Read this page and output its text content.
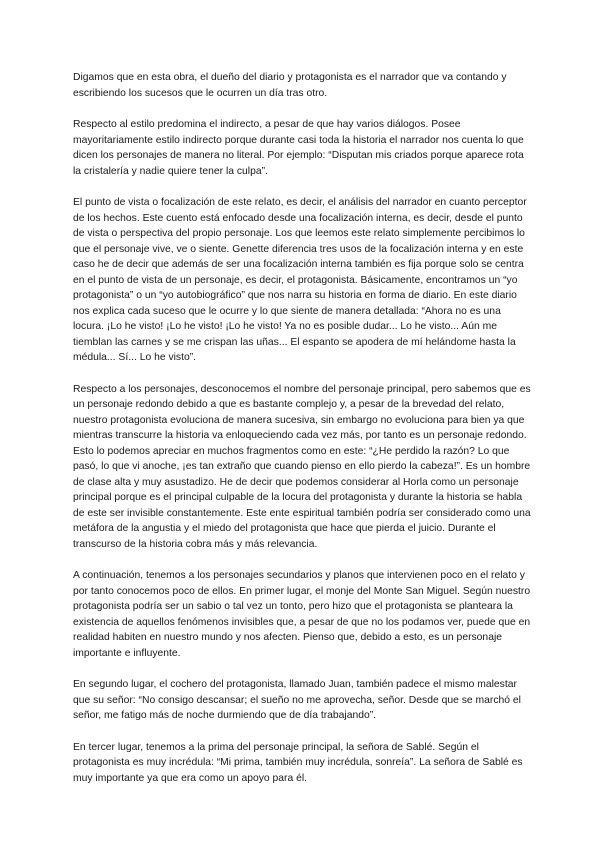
Digamos que en esta obra, el dueño del diario y protagonista es el narrador que va contando y escribiendo los sucesos que le ocurren un día tras otro.

Respecto al estilo predomina el indirecto, a pesar de que hay varios diálogos. Posee mayoritariamente estilo indirecto porque durante casi toda la historia el narrador nos cuenta lo que dicen los personajes de manera no literal. Por ejemplo: “Disputan mis criados porque aparece rota la cristalería y nadie quiere tener la culpa”.

El punto de vista o focalización de este relato, es decir, el análisis del narrador en cuanto perceptor de los hechos. Este cuento está enfocado desde una focalización interna, es decir, desde el punto de vista o perspectiva del propio personaje. Los que leemos este relato simplemente percibimos lo que el personaje vive, ve o siente. Genette diferencia tres usos de la focalización interna y en este caso he de decir que además de ser una focalización interna también es fija porque solo se centra en el punto de vista de un personaje, es decir, el protagonista. Básicamente, encontramos un “yo protagonista” o un “yo autobiográfico” que nos narra su historia en forma de diario. En este diario nos explica cada suceso que le ocurre y lo que siente de manera detallada: “Ahora no es una locura. ¡Lo he visto! ¡Lo he visto! ¡Lo he visto! Ya no es posible dudar... Lo he visto... Aún me tiemblan las carnes y se me crispan las uñas... El espanto se apodera de mí helándome hasta la médula... Sí... Lo he visto”.

Respecto a los personajes, desconocemos el nombre del personaje principal, pero sabemos que es un personaje redondo debido a que es bastante complejo y, a pesar de la brevedad del relato, nuestro protagonista evoluciona de manera sucesiva, sin embargo no evoluciona para bien ya que mientras transcurre la historia va enloqueciendo cada vez más, por tanto es un personaje redondo. Esto lo podemos apreciar en muchos fragmentos como en este: “¿He perdido la razón? Lo que pasó, lo que vi anoche, ¡es tan extraño que cuando pienso en ello pierdo la cabeza!”. Es un hombre de clase alta y muy asustadizo. He de decir que podemos considerar al Horla como un personaje principal porque es el principal culpable de la locura del protagonista y durante la historia se habla de este ser invisible constantemente. Este ente espiritual también podría ser considerado como una metáfora de la angustia y el miedo del protagonista que hace que pierda el juicio. Durante el transcurso de la historia cobra más y más relevancia.

A continuación, tenemos a los personajes secundarios y planos que intervienen poco en el relato y por tanto conocemos poco de ellos. En primer lugar, el monje del Monte San Miguel. Según nuestro protagonista podría ser un sabio o tal vez un tonto, pero hizo que el protagonista se planteara la existencia de aquellos fenómenos invisibles que, a pesar de que no los podamos ver, puede que en realidad habiten en nuestro mundo y nos afecten. Pienso que, debido a esto, es un personaje importante e influyente.

En segundo lugar, el cochero del protagonista, llamado Juan, también padece el mismo malestar que su señor: “No consigo descansar; el sueño no me aprovecha, señor. Desde que se marchó el señor, me fatigo más de noche durmiendo que de día trabajando”.

En tercer lugar, tenemos a la prima del personaje principal, la señora de Sablé. Según el protagonista es muy incrédula: “Mi prima, también muy incrédula, sonreía”. La señora de Sablé es muy importante ya que era como un apoyo para él.
